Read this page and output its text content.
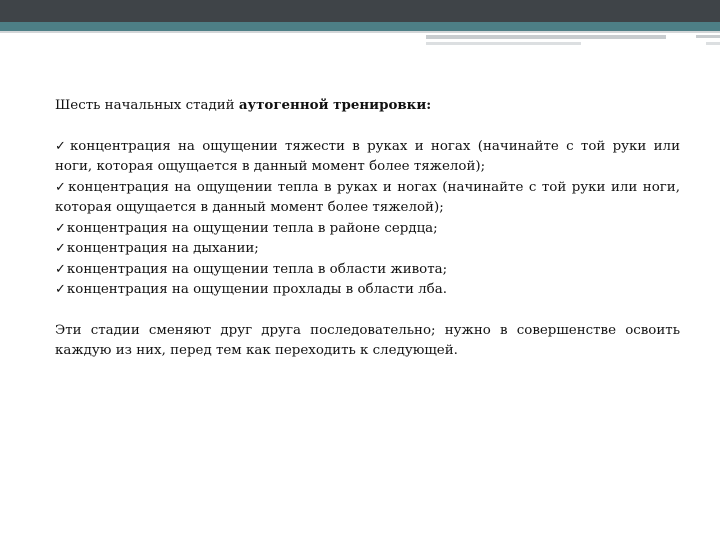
Шесть начальных стадий аутогенной тренировки:
✓концентрация на ощущении тяжести в руках и ногах (начинайте с той руки или ноги, которая ощущается в данный момент более тяжелой);
✓концентрация на ощущении тепла в руках и ногах (начинайте с той руки или ноги, которая ощущается в данный момент более тяжелой);
✓концентрация на ощущении тепла в районе сердца;
✓концентрация на дыхании;
✓концентрация на ощущении тепла в области живота;
✓концентрация на ощущении прохлады в области лба.

Эти стадии сменяют друг друга последовательно; нужно в совершенстве освоить каждую из них, перед тем как переходить к следующей.
